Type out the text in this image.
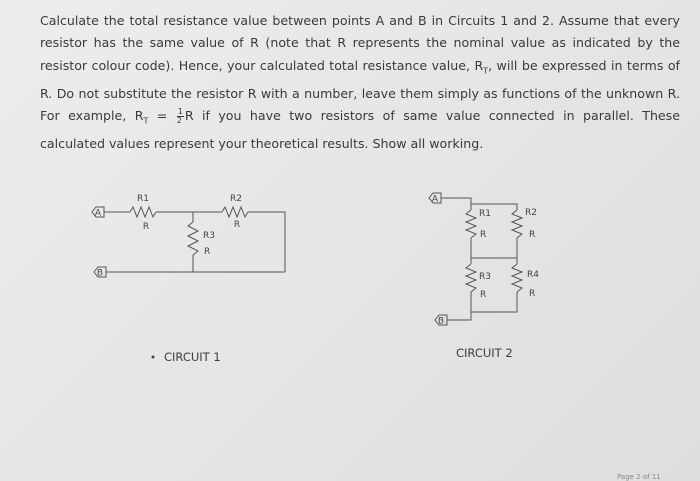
Calculate the total resistance value between points A and B in Circuits 1 and 2. Assume that every
resistor has the same value of R (note that R represents the nominal value as indicated by the
resistor colour code). Hence, your calculated total resistance value, $R_T$, will be expressed in terms of
R. Do not substitute the resistor R with a number, leave them simply as functions of the unknown R.
For example, $R_T = \frac{1}{2}$ R if you have two resistors of same value connected in parallel. These
calculated values represent your theoretical results. Show all working.
A
B
R1
R
R2
R
R3
R
A
B
R1
R
R2
R
R3
R
R4
R
CIRCUIT 1	CIRCUIT 2
Page 2 of 11
